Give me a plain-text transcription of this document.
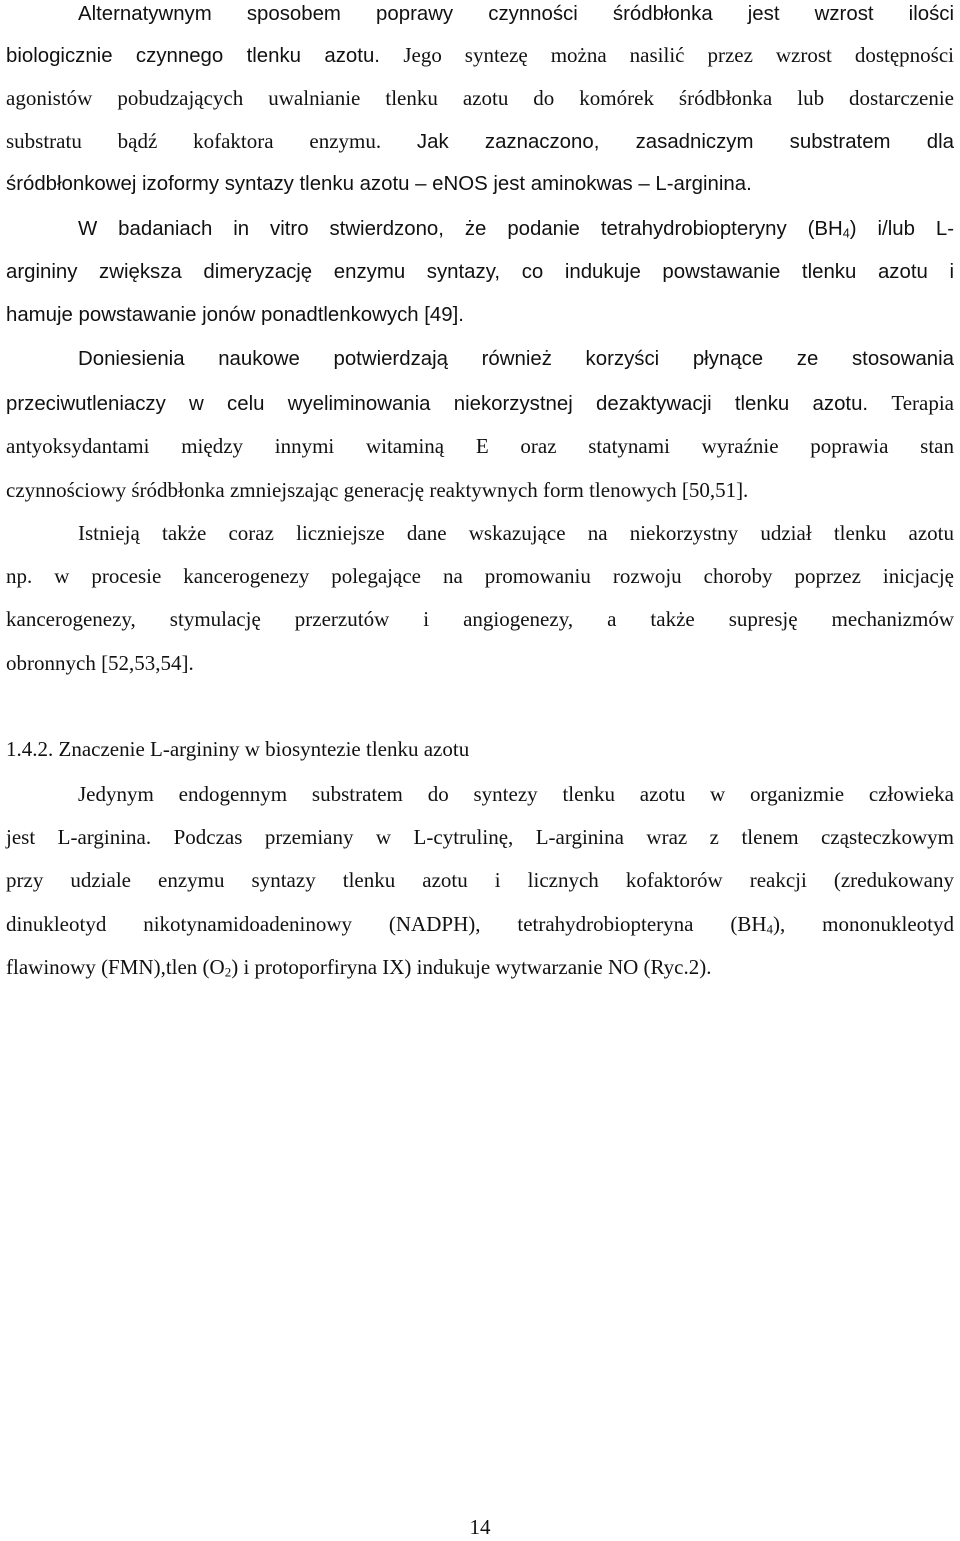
Alternatywnym sposobem poprawy czynności śródbłonka jest wzrost ilości
biologicznie czynnego tlenku azotu. Jego syntezę można nasilić przez wzrost dostępności
agonistów pobudzających uwalnianie tlenku azotu do komórek śródbłonka lub dostarczenie
substratu bądź kofaktora enzymu. Jak zaznaczono, zasadniczym substratem dla
śródbłonkowej izoformy syntazy tlenku azotu – eNOS jest aminokwas – L-arginina.
W badaniach in vitro stwierdzono, że podanie tetrahydrobiopteryny $(BH_4)$ i/lub L-
argininy zwiększa dimeryzację enzymu syntazy, co indukuje powstawanie tlenku azotu i
hamuje powstawanie jonów ponadtlenkowych [49].
Doniesienia naukowe potwierdzają również korzyści płynące ze stosowania
przeciwutleniaczy w celu wyeliminowania niekorzystnej dezaktywacji tlenku azotu. Terapia
antyoksydantami między innymi witaminą E oraz statynami wyraźnie poprawia stan
czynnościowy śródbłonka zmniejszając generację reaktywnych form tlenowych [50,51].
Istnieją także coraz liczniejsze dane wskazujące na niekorzystny udział tlenku azotu
np. w procesie kancerogenezy polegające na promowaniu rozwoju choroby poprzez inicjację
kancerogenezy, stymulację przerzutów i angiogenezy, a także supresję mechanizmów
obronnych [52,53,54].
1.4.2. Znaczenie L-argininy w biosyntezie tlenku azotu
Jedynym endogennym substratem do syntezy tlenku azotu w organizmie człowieka
jest L-arginina. Podczas przemiany w L-cytrulinę, L-arginina wraz z tlenem cząsteczkowym
przy udziale enzymu syntazy tlenku azotu i licznych kofaktorów reakcji (zredukowany
dinukleotyd nikotynamidoadeninowy (NADPH), tetrahydrobiopteryna $(BH_4)$, mononukleotyd
flawinowy (FMN),tlen $(O_2)$ i protoporfiryna IX) indukuje wytwarzanie NO (Ryc.2).
14
